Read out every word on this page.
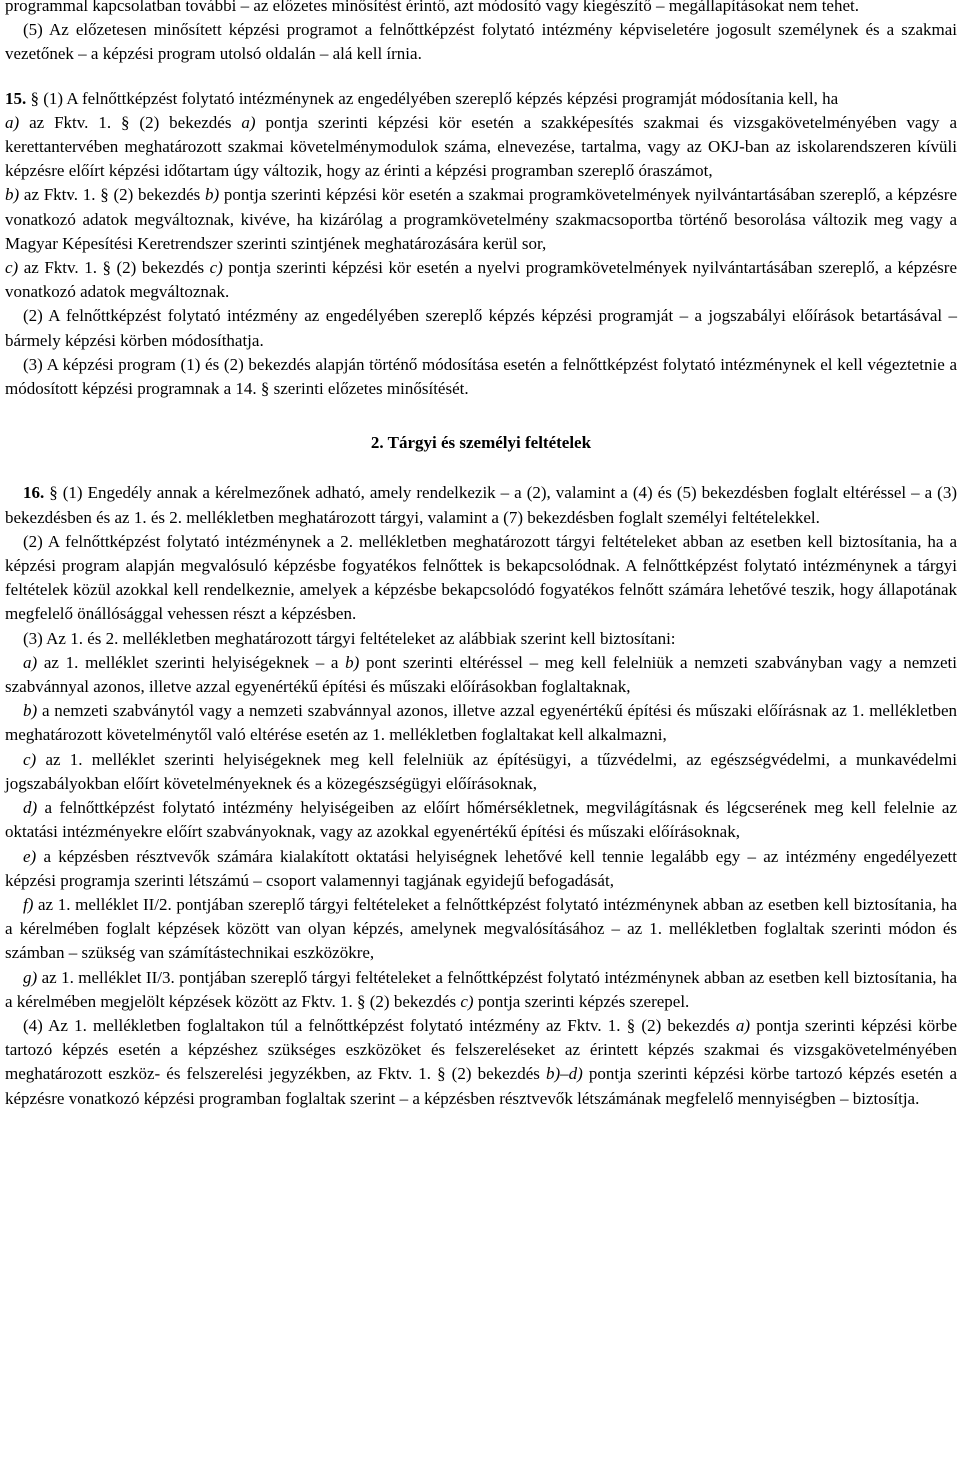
programmal kapcsolatban további – az előzetes minősítést érintő, azt módosító vagy kiegészítő – megállapításokat nem tehet.

(5) Az előzetesen minősített képzési programot a felnőttképzést folytató intézmény képviseletére jogosult személynek és a szakmai vezetőnek – a képzési program utolsó oldalán – alá kell írnia.

15. § (1) A felnőttképzést folytató intézménynek az engedélyében szereplő képzés képzési programját módosítania kell, ha

a) az Fktv. 1. § (2) bekezdés a) pontja szerinti képzési kör esetén a szakképesítés szakmai és vizsgakövetelményében vagy a kerettantervében meghatározott szakmai követelménymodulok száma, elnevezése, tartalma, vagy az OKJ-ban az iskolarendszeren kívüli képzésre előírt képzési időtartam úgy változik, hogy az érinti a képzési programban szereplő óraszámot,

b) az Fktv. 1. § (2) bekezdés b) pontja szerinti képzési kör esetén a szakmai programkövetelmények nyilvántartásában szereplő, a képzésre vonatkozó adatok megváltoznak, kivéve, ha kizárólag a programkövetelmény szakmacsoportba történő besorolása változik meg vagy a Magyar Képesítési Keretrendszer szerinti szintjének meghatározására kerül sor,

c) az Fktv. 1. § (2) bekezdés c) pontja szerinti képzési kör esetén a nyelvi programkövetelmények nyilvántartásában szereplő, a képzésre vonatkozó adatok megváltoznak.

(2) A felnőttképzést folytató intézmény az engedélyében szereplő képzés képzési programját – a jogszabályi előírások betartásával – bármely képzési körben módosíthatja.

(3) A képzési program (1) és (2) bekezdés alapján történő módosítása esetén a felnőttképzést folytató intézménynek el kell végeztetnie a módosított képzési programnak a 14. § szerinti előzetes minősítését.

2. Tárgyi és személyi feltételek

16. § (1) Engedély annak a kérelmezőnek adható, amely rendelkezik – a (2), valamint a (4) és (5) bekezdésben foglalt eltéréssel – a (3) bekezdésben és az 1. és 2. mellékletben meghatározott tárgyi, valamint a (7) bekezdésben foglalt személyi feltételekkel.

(2) A felnőttképzést folytató intézménynek a 2. mellékletben meghatározott tárgyi feltételeket abban az esetben kell biztosítania, ha a képzési program alapján megvalósuló képzésbe fogyatékos felnőttek is bekapcsolódnak. A felnőttképzést folytató intézménynek a tárgyi feltételek közül azokkal kell rendelkeznie, amelyek a képzésbe bekapcsolódó fogyatékos felnőtt számára lehetővé teszik, hogy állapotának megfelelő önállósággal vehessen részt a képzésben.

(3) Az 1. és 2. mellékletben meghatározott tárgyi feltételeket az alábbiak szerint kell biztosítani:

a) az 1. melléklet szerinti helyiségeknek – a b) pont szerinti eltéréssel – meg kell felelniük a nemzeti szabványban vagy a nemzeti szabvánnyal azonos, illetve azzal egyenértékű építési és műszaki előírásokban foglaltaknak,

b) a nemzeti szabványtól vagy a nemzeti szabvánnyal azonos, illetve azzal egyenértékű építési és műszaki előírásnak az 1. mellékletben meghatározott követelménytől való eltérése esetén az 1. mellékletben foglaltakat kell alkalmazni,

c) az 1. melléklet szerinti helyiségeknek meg kell felelniük az építésügyi, a tűzvédelmi, az egészségvédelmi, a munkavédelmi jogszabályokban előírt követelményeknek és a közegészségügyi előírásoknak,

d) a felnőttképzést folytató intézmény helyiségeiben az előírt hőmérsékletnek, megvilágításnak és légcserének meg kell felelnie az oktatási intézményekre előírt szabványoknak, vagy az azokkal egyenértékű építési és műszaki előírásoknak,

e) a képzésben résztvevők számára kialakított oktatási helyiségnek lehetővé kell tennie legalább egy – az intézmény engedélyezett képzési programja szerinti létszámú – csoport valamennyi tagjának egyidejű befogadását,

f) az 1. melléklet II/2. pontjában szereplő tárgyi feltételeket a felnőttképzést folytató intézménynek abban az esetben kell biztosítania, ha a kérelmében foglalt képzések között van olyan képzés, amelynek megvalósításához – az 1. mellékletben foglaltak szerinti módon és számban – szükség van számítástechnikai eszközökre,

g) az 1. melléklet II/3. pontjában szereplő tárgyi feltételeket a felnőttképzést folytató intézménynek abban az esetben kell biztosítania, ha a kérelmében megjelölt képzések között az Fktv. 1. § (2) bekezdés c) pontja szerinti képzés szerepel.

(4) Az 1. mellékletben foglaltakon túl a felnőttképzést folytató intézmény az Fktv. 1. § (2) bekezdés a) pontja szerinti képzési körbe tartozó képzés esetén a képzéshez szükséges eszközöket és felszereléseket az érintett képzés szakmai és vizsgakövetelményében meghatározott eszköz- és felszerelési jegyzékben, az Fktv. 1. § (2) bekezdés b)–d) pontja szerinti képzési körbe tartozó képzés esetén a képzésre vonatkozó képzési programban foglaltak szerint – a képzésben résztvevők létszámának megfelelő mennyiségben – biztosítja.
